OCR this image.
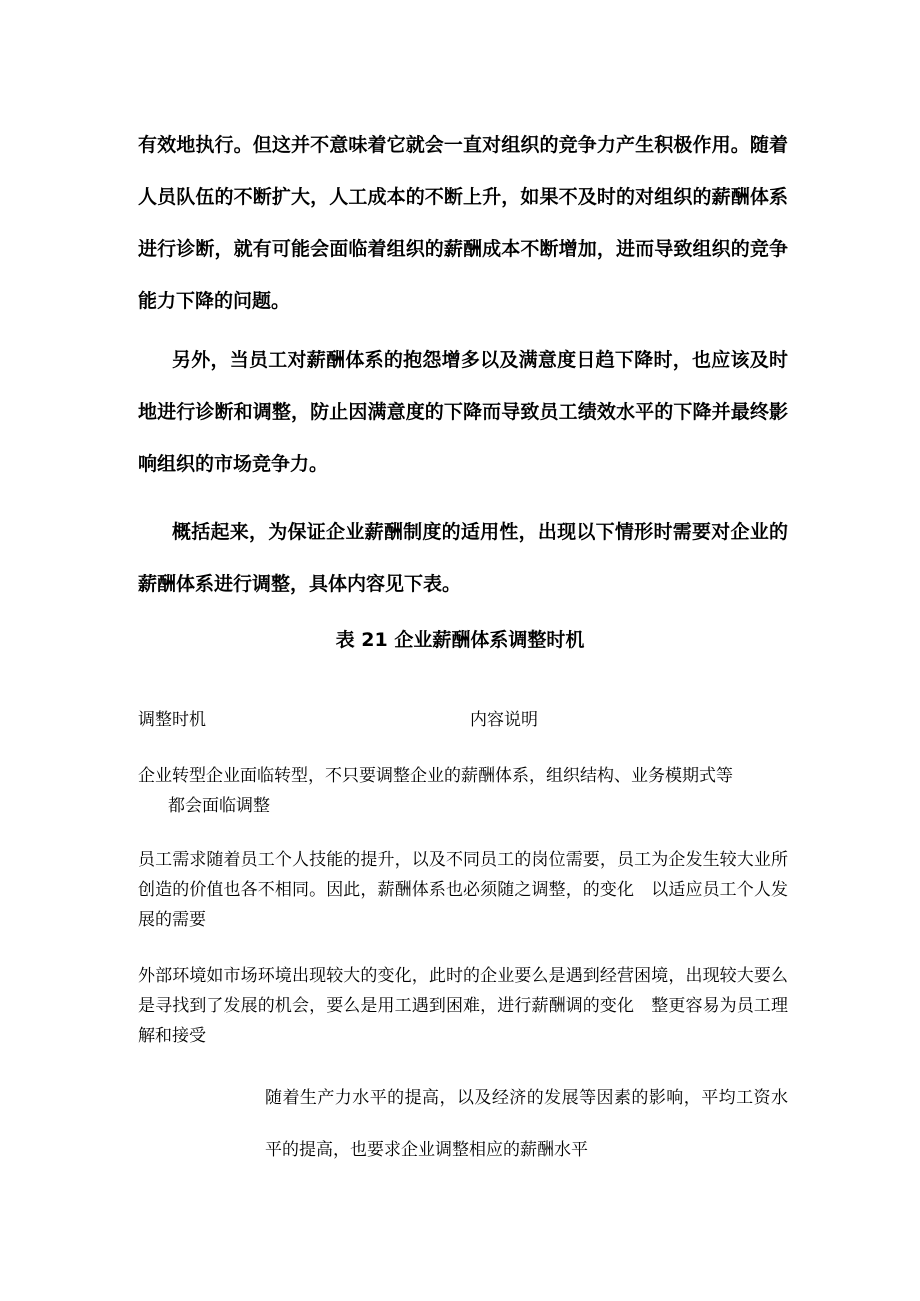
有效地执行。但这并不意味着它就会一直对组织的竞争力产生积极作用。随着人员队伍的不断扩大，人工成本的不断上升，如果不及时的对组织的薪酬体系进行诊断，就有可能会面临着组织的薪酬成本不断增加，进而导致组织的竞争能力下降的问题。

另外，当员工对薪酬体系的抱怨增多以及满意度日趋下降时，也应该及时地进行诊断和调整，防止因满意度的下降而导致员工绩效水平的下降并最终影响组织的市场竞争力。

概括起来，为保证企业薪酬制度的适用性，出现以下情形时需要对企业的薪酬体系进行调整，具体内容见下表。

表 21 企业薪酬体系调整时机

调整时机	内容说明

企业转型企业面临转型，不只要调整企业的薪酬体系，组织结构、业务模期式等
都会面临调整

员工需求随着员工个人技能的提升，以及不同员工的岗位需要，员工为企发生较大业所创造的价值也各不相同。因此，薪酬体系也必须随之调整，的变化　以适应员工个人发展的需要

外部环境如市场环境出现较大的变化，此时的企业要么是遇到经营困境，出现较大要么是寻找到了发展的机会，要么是用工遇到困难，进行薪酬调的变化　整更容易为员工理解和接受

随着生产力水平的提高，以及经济的发展等因素的影响，平均工资水平的提高，也要求企业调整相应的薪酬水平
